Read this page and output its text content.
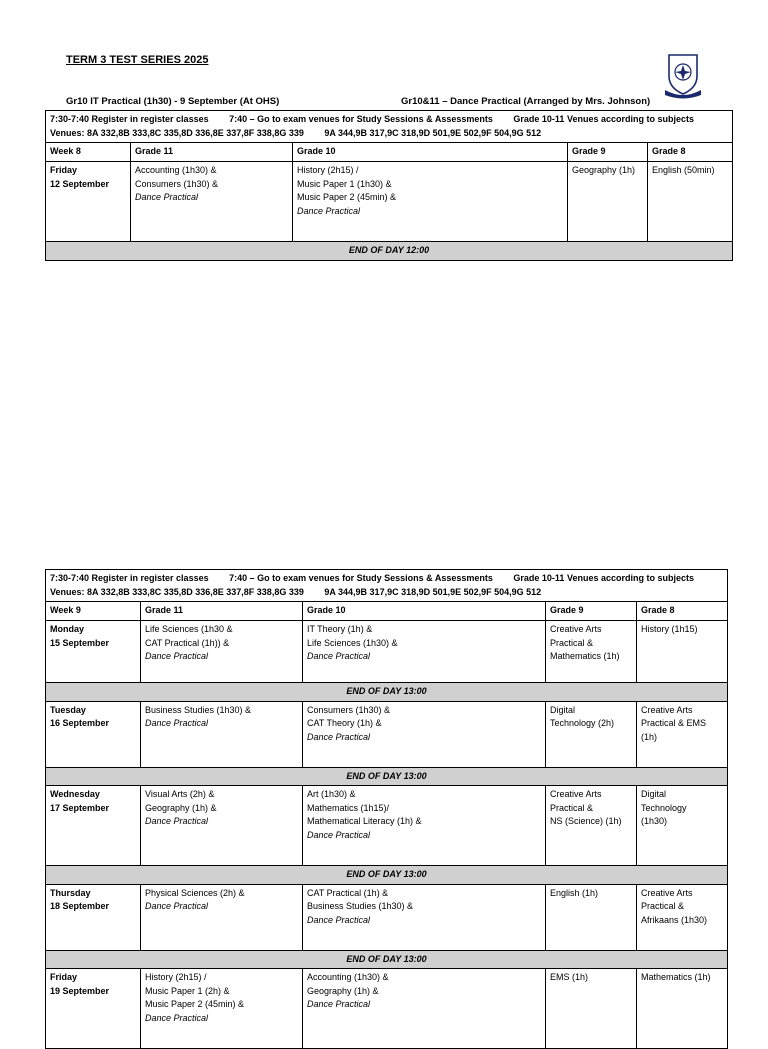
TERM 3 TEST SERIES 2025
Gr10 IT Practical (1h30) - 9 September (At OHS)	Gr10&11 – Dance Practical (Arranged by Mrs. Johnson)
7:30-7:40 Register in register classes 7:40 – Go to exam venues for Study Sessions & Assessments Grade 10-11 Venues according to subjects
Venues: 8A 332,8B 333,8C 335,8D 336,8E 337,8F 338,8G 339 9A 344,9B 317,9C 318,9D 501,9E 502,9F 504,9G 512				
Week 8	Grade 11	Grade 10	Grade 9	Grade 8

Friday
12 September	Accounting (1h30) &
Consumers (1h30) &
Dance Practical	History (2h15) /
Music Paper 1 (1h30) &
Music Paper 2 (45min) &
Dance Practical	Geography (1h)	English (50min)
END OF DAY 12:00				
7:30-7:40 Register in register classes 7:40 – Go to exam venues for Study Sessions & Assessments Grade 10-11 Venues according to subjects
Venues: 8A 332,8B 333,8C 335,8D 336,8E 337,8F 338,8G 339 9A 344,9B 317,9C 318,9D 501,9E 502,9F 504,9G 512				
Week 9	Grade 11	Grade 10	Grade 9	Grade 8

Monday
15 September	Life Sciences (1h30 &
CAT Practical (1h)) &
Dance Practical	IT Theory (1h) &
Life Sciences (1h30) &
Dance Practical	Creative Arts
Practical &
Mathematics (1h)	History (1h15)
END OF DAY 13:00				

Tuesday
16 September	Business Studies (1h30) &
Dance Practical	Consumers (1h30) &
CAT Theory (1h) &
Dance Practical	Digital
Technology (2h)	Creative Arts
Practical & EMS
(1h)

END OF DAY 13:00				

Wednesday
17 September	Visual Arts (2h) &
Geography (1h) &
Dance Practical	Art (1h30) &
Mathematics (1h15)/
Mathematical Literacy (1h) &
Dance Practical	Creative Arts
Practical &
NS (Science) (1h)	Digital
Technology
(1h30)

END OF DAY 13:00				

Thursday
18 September	Physical Sciences (2h) &
Dance Practical	CAT Practical (1h) &
Business Studies (1h30) &
Dance Practical	English (1h)	Creative Arts
Practical &
Afrikaans (1h30)

END OF DAY 13:00				

Friday
19 September	History (2h15) /
Music Paper 1 (2h) &
Music Paper 2 (45min) &
Dance Practical	Accounting (1h30) &
Geography (1h) &
Dance Practical	EMS (1h)	Mathematics (1h)
